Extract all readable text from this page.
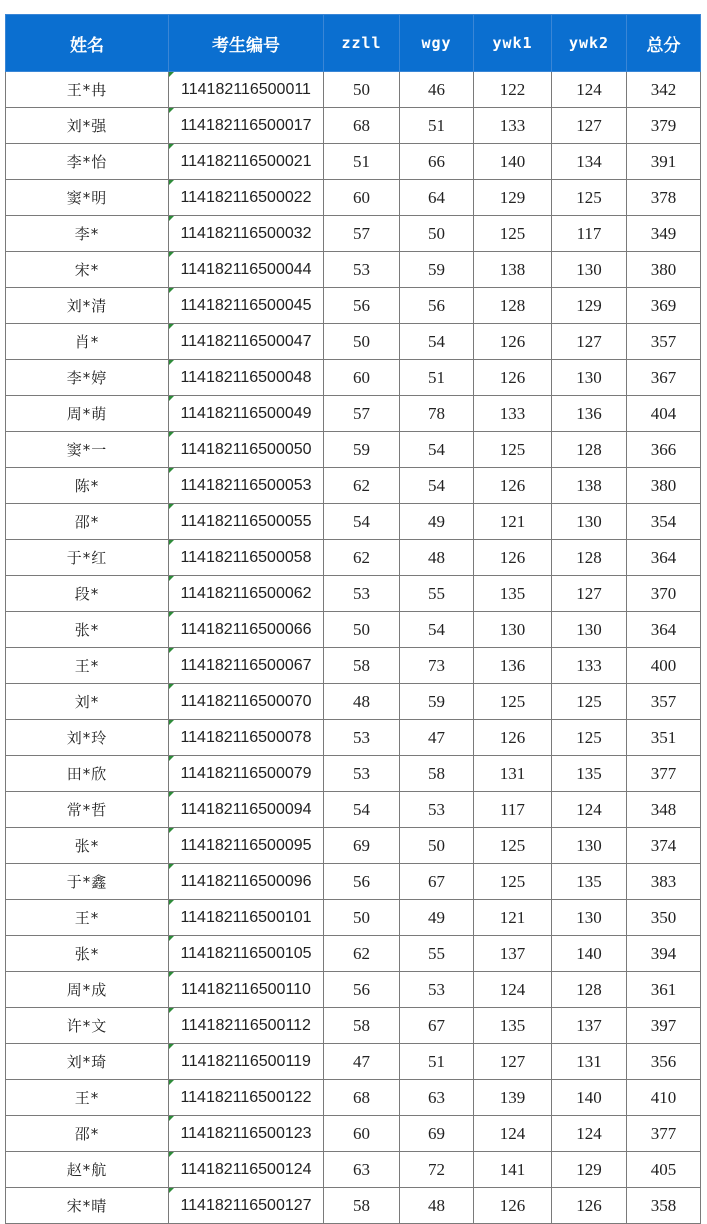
姓名	考生编号	zzll	wgy	ywk1	ywk2	总分
王*冉	114182116500011	50	46	122	124	342
刘*强	114182116500017	68	51	133	127	379
李*怡	114182116500021	51	66	140	134	391
窦*明	114182116500022	60	64	129	125	378
李*	114182116500032	57	50	125	117	349
宋*	114182116500044	53	59	138	130	380
刘*清	114182116500045	56	56	128	129	369
肖*	114182116500047	50	54	126	127	357
李*婷	114182116500048	60	51	126	130	367
周*萌	114182116500049	57	78	133	136	404
窦*一	114182116500050	59	54	125	128	366
陈*	114182116500053	62	54	126	138	380
邵*	114182116500055	54	49	121	130	354
于*红	114182116500058	62	48	126	128	364
段*	114182116500062	53	55	135	127	370
张*	114182116500066	50	54	130	130	364
王*	114182116500067	58	73	136	133	400
刘*	114182116500070	48	59	125	125	357
刘*玲	114182116500078	53	47	126	125	351
田*欣	114182116500079	53	58	131	135	377
常*哲	114182116500094	54	53	117	124	348
张*	114182116500095	69	50	125	130	374
于*鑫	114182116500096	56	67	125	135	383
王*	114182116500101	50	49	121	130	350
张*	114182116500105	62	55	137	140	394
周*成	114182116500110	56	53	124	128	361
许*文	114182116500112	58	67	135	137	397
刘*琦	114182116500119	47	51	127	131	356
王*	114182116500122	68	63	139	140	410
邵*	114182116500123	60	69	124	124	377
赵*航	114182116500124	63	72	141	129	405
宋*晴	114182116500127	58	48	126	126	358
